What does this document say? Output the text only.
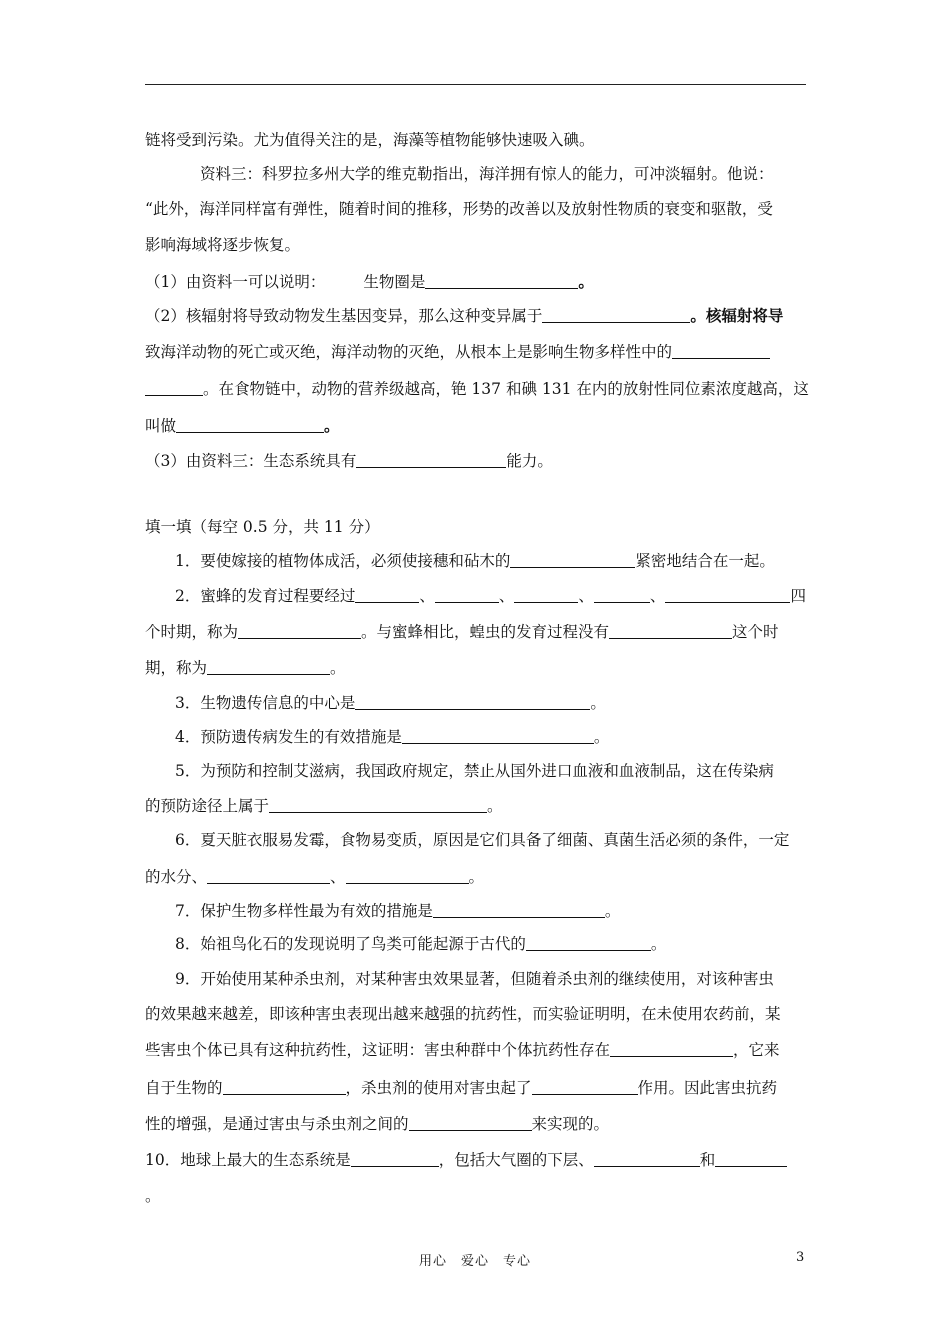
链将受到污染。尤为值得关注的是，海藻等植物能够快速吸入碘。
资料三：科罗拉多州大学的维克勒指出，海洋拥有惊人的能力，可冲淡辐射。他说：
“此外，海洋同样富有弹性，随着时间的推移，形势的改善以及放射性物质的衰变和驱散，受
影响海域将逐步恢复。
（1）由资料一可以说明： 生物圈是	。
（2）核辐射将导致动物发生基因变异，那么这种变异属于	。核辐射将导
致海洋动物的死亡或灭绝，海洋动物的灭绝，从根本上是影响生物多样性中的
。在食物链中，动物的营养级越高，铯 137 和碘 131 在内的放射性同位素浓度越高，这
叫做	。
（3）由资料三：生态系统具有	能力。
填一填（每空 0.5 分，共 11 分）
1．要使嫁接的植物体成活，必须使接穗和砧木的	紧密地结合在一起。
2．蜜蜂的发育过程要经过	、	、	、	、	四
个时期，称为	。与蜜蜂相比，蝗虫的发育过程没有	这个时
期，称为	。
3．生物遗传信息的中心是	。
4．预防遗传病发生的有效措施是	。
5．为预防和控制艾滋病，我国政府规定，禁止从国外进口血液和血液制品，这在传染病
的预防途径上属于	。
6．夏天脏衣服易发霉，食物易变质，原因是它们具备了细菌、真菌生活必须的条件，一定
的水分、	、	。
7．保护生物多样性最为有效的措施是	。
8．始祖鸟化石的发现说明了鸟类可能起源于古代的	。
9．开始使用某种杀虫剂，对某种害虫效果显著，但随着杀虫剂的继续使用，对该种害虫
的效果越来越差，即该种害虫表现出越来越强的抗药性，而实验证明明，在未使用农药前，某
些害虫个体已具有这种抗药性，这证明：害虫种群中个体抗药性存在	，它来
自于生物的	，杀虫剂的使用对害虫起了	作用。因此害虫抗药
性的增强，是通过害虫与杀虫剂之间的	来实现的。
10．地球上最大的生态系统是	，包括大气圈的下层、	和
。
用心　爱心　专心	3
